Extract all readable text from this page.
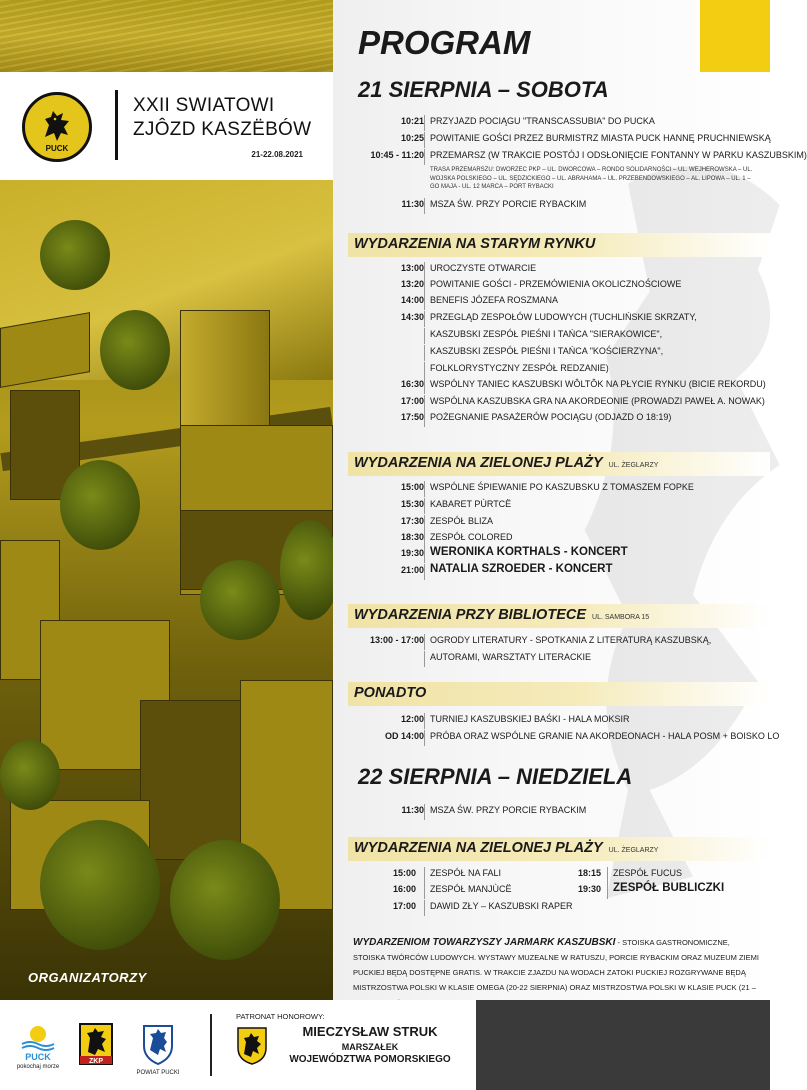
PUCK
XXII SWIATOWI
ZJÔZD KASZËBÓW
21-22.08.2021
ORGANIZATORZY
PROGRAM
21 SIERPNIA – SOBOTA
10:21 PRZYJAZD POCIĄGU "TRANSCASSUBIA" DO PUCKA
10:25 POWITANIE GOŚCI PRZEZ BURMISTRZ MIASTA PUCK HANNĘ PRUCHNIEWSKĄ
10:45 - 11:20 PRZEMARSZ (W TRAKCIE POSTÓJ I ODSŁONIĘCIE FONTANNY W PARKU KASZUBSKIM)
TRASA PRZEMARSZU: DWORZEC PKP – UL. DWORCOWA – RONDO SOLIDARNOŚCI – UL. WEJHEROWSKA – UL. WOJSKA POLSKIEGO – UL. SĘDZICKIEGO – UL. ABRAHAMA – UL. PRZEBENDOWSKIEGO – AL. LIPOWA – UL. 1 – GO MAJA - UL. 12 MARCA – PORT RYBACKI
11:30 MSZA ŚW. PRZY PORCIE RYBACKIM
WYDARZENIA NA STARYM RYNKU
13:00 UROCZYSTE OTWARCIE
13:20 POWITANIE GOŚCI - PRZEMÓWIENIA OKOLICZNOŚCIOWE
14:00 BENEFIS JÓZEFA ROSZMANA
14:30 PRZEGLĄD ZESPOŁÓW LUDOWYCH (TUCHLIŃSKIE SKRZATY,
KASZUBSKI ZESPÓŁ PIEŚNI I TAŃCA "SIERAKOWICE",
KASZUBSKI ZESPÓŁ PIEŚNI I TAŃCA "KOŚCIERZYNA",
FOLKLORYSTYCZNY ZESPÓŁ REDZANIE)
16:30 WSPÓLNY TANIEC KASZUBSKI WÔLTÔK NA PŁYCIE RYNKU (BICIE REKORDU)
17:00 WSPÓLNA KASZUBSKA GRA NA AKORDEONIE (PROWADZI PAWEŁ A. NOWAK)
17:50 POŻEGNANIE PASAŻERÓW POCIĄGU (ODJAZD O 18:19)
WYDARZENIA NA ZIELONEJ PLAŻY UL. ŻEGLARZY
15:00 WSPÓLNE ŚPIEWANIE PO KASZUBSKU Z TOMASZEM FOPKE
15:30 KABARET PÙRTCË
17:30 ZESPÓŁ BLIZA
18:30 ZESPÓŁ COLORED
19:30 WERONIKA KORTHALS - KONCERT
21:00 NATALIA SZROEDER - KONCERT
WYDARZENIA PRZY BIBLIOTECE UL. SAMBORA 15
13:00 - 17:00 OGRODY LITERATURY - SPOTKANIA Z LITERATURĄ KASZUBSKĄ,
AUTORAMI, WARSZTATY LITERACKIE
PONADTO
12:00 TURNIEJ KASZUBSKIEJ BAŚKI - HALA MOKSIR
OD 14:00 PRÓBA ORAZ WSPÓLNE GRANIE NA AKORDEONACH - HALA POSM + BOISKO LO
22 SIERPNIA – NIEDZIELA
11:30 MSZA ŚW. PRZY PORCIE RYBACKIM
WYDARZENIA NA ZIELONEJ PLAŻY UL. ŻEGLARZY
15:00 ZESPÓŁ NA FALI
16:00 ZESPÓŁ MANJÙCË
17:00 DAWID ZŁY – KASZUBSKI RAPER
18:15 ZESPÓŁ FUCUS
19:30 ZESPÓŁ BUBLICZKI
WYDARZENIOM TOWARZYSZY JARMARK KASZUBSKI - STOISKA GASTRONOMICZNE, STOISKA TWÓRCÓW LUDOWYCH. WYSTAWY MUZEALNE W RATUSZU, PORCIE RYBACKIM ORAZ MUZEUM ZIEMI PUCKIEJ BĘDĄ DOSTĘPNE GRATIS. W TRAKCIE ZJAZDU NA WODACH ZATOKI PUCKIEJ ROZGRYWANE BĘDĄ MISTRZOSTWA POLSKI W KLASIE OMEGA (20-22 SIERPNIA) ORAZ MISTRZOSTWA POLSKI W KLASIE PUCK (21 –
PUCK
pokochaj morze
ZKP
POWIAT PUCKI
PATRONAT HONOROWY:
MIECZYSŁAW STRUK
MARSZAŁEK
WOJEWÓDZTWA POMORSKIEGO
